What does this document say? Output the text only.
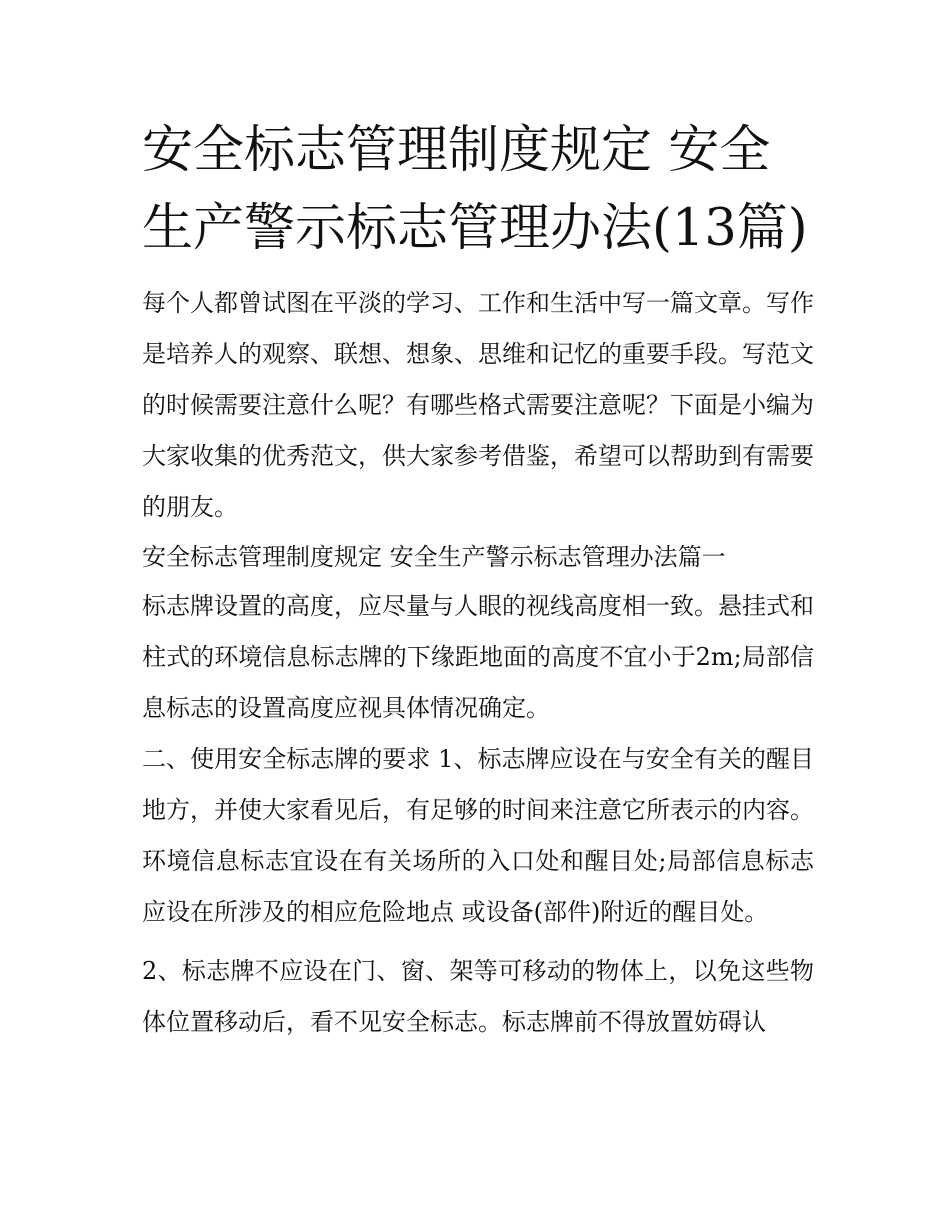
安全标志管理制度规定 安全生产警示标志管理办法(13篇)

每个人都曾试图在平淡的学习、工作和生活中写一篇文章。写作是培养人的观察、联想、想象、思维和记忆的重要手段。写范文的时候需要注意什么呢？有哪些格式需要注意呢？下面是小编为大家收集的优秀范文，供大家参考借鉴，希望可以帮助到有需要的朋友。

安全标志管理制度规定 安全生产警示标志管理办法篇一

标志牌设置的高度，应尽量与人眼的视线高度相一致。悬挂式和柱式的环境信息标志牌的下缘距地面的高度不宜小于2m;局部信息标志的设置高度应视具体情况确定。

二、使用安全标志牌的要求 1、标志牌应设在与安全有关的醒目地方，并使大家看见后，有足够的时间来注意它所表示的内容。环境信息标志宜设在有关场所的入口处和醒目处;局部信息标志应设在所涉及的相应危险地点 或设备(部件)附近的醒目处。

2、标志牌不应设在门、窗、架等可移动的物体上，以免这些物体位置移动后，看不见安全标志。标志牌前不得放置妨碍认
